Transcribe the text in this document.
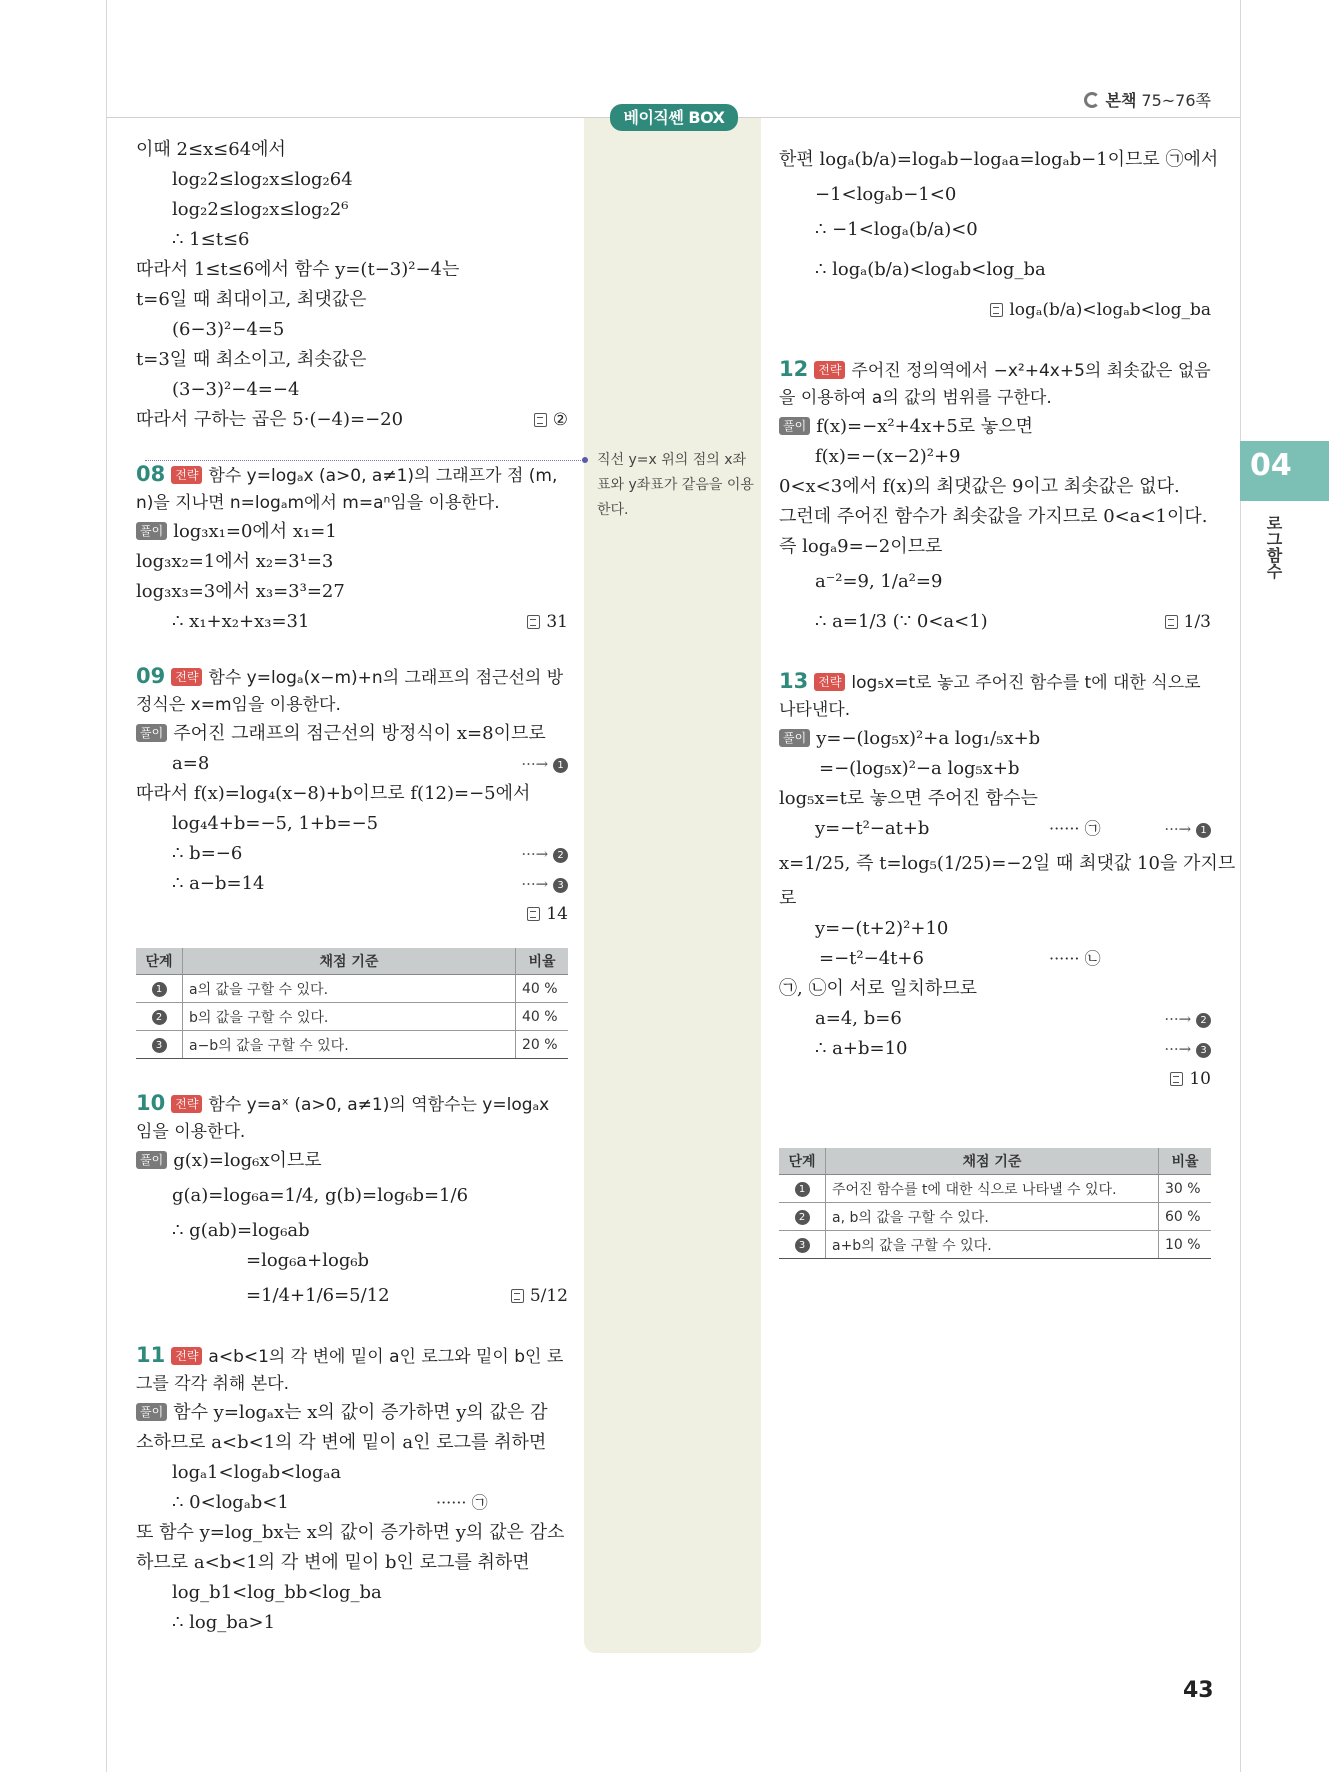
본책 75~76쪽
베이직쎈 BOX
직선 y=x 위의 점의 x좌표와 y좌표가 같음을 이용한다.
04
로그함수
이때 2≤x≤64에서
log₂2≤log₂x≤log₂64
log₂2≤log₂x≤log₂2⁶
∴ 1≤t≤6
따라서 1≤t≤6에서 함수 y=(t−3)²−4는
t=6일 때 최대이고, 최댓값은
(6−3)²−4=5
t=3일 때 최소이고, 최솟값은
(3−3)²−4=−4
따라서 구하는 곱은 5·(−4)=−20	②
08 전략 함수 y=logₐx (a>0, a≠1)의 그래프가 점 (m, n)을 지나면 n=logₐm에서 m=aⁿ임을 이용한다.
풀이 log₃x₁=0에서 x₁=1
log₃x₂=1에서 x₂=3¹=3
log₃x₃=3에서 x₃=3³=27
∴ x₁+x₂+x₃=31	31
09 전략 함수 y=logₐ(x−m)+n의 그래프의 점근선의 방정식은 x=m임을 이용한다.
풀이 주어진 그래프의 점근선의 방정식이 x=8이므로
a=8	···→ 1
따라서 f(x)=log₄(x−8)+b이므로 f(12)=−5에서
log₄4+b=−5, 1+b=−5
∴ b=−6	···→ 2
∴ a−b=14	···→ 3
14
단계	채점 기준	비율
1	a의 값을 구할 수 있다.	40 %
2	b의 값을 구할 수 있다.	40 %
3	a−b의 값을 구할 수 있다.	20 %
10 전략 함수 y=aˣ (a>0, a≠1)의 역함수는 y=logₐx 임을 이용한다.
풀이 g(x)=log₆x이므로
g(a)=log₆a=1/4, g(b)=log₆b=1/6
∴ g(ab)=log₆ab
=log₆a+log₆b
=1/4+1/6=5/12	5/12
11 전략 a<b<1의 각 변에 밑이 a인 로그와 밑이 b인 로그를 각각 취해 본다.
풀이 함수 y=logₐx는 x의 값이 증가하면 y의 값은 감
소하므로 a<b<1의 각 변에 밑이 a인 로그를 취하면
logₐ1<logₐb<logₐa
∴ 0<logₐb<1	······ ㉠
또 함수 y=log_bx는 x의 값이 증가하면 y의 값은 감소
하므로 a<b<1의 각 변에 밑이 b인 로그를 취하면
log_b1<log_bb<log_ba
∴ log_ba>1
한편 logₐ(b/a)=logₐb−logₐa=logₐb−1이므로 ㉠에서
−1<logₐb−1<0
∴ −1<logₐ(b/a)<0
∴ logₐ(b/a)<logₐb<log_ba
logₐ(b/a)<logₐb<log_ba
12 전략 주어진 정의역에서 −x²+4x+5의 최솟값은 없음을 이용하여 a의 값의 범위를 구한다.
풀이 f(x)=−x²+4x+5로 놓으면
f(x)=−(x−2)²+9
0<x<3에서 f(x)의 최댓값은 9이고 최솟값은 없다.
그런데 주어진 함수가 최솟값을 가지므로 0<a<1이다.
즉 logₐ9=−2이므로
a⁻²=9, 1/a²=9
∴ a=1/3 (∵ 0<a<1)	1/3
13 전략 log₅x=t로 놓고 주어진 함수를 t에 대한 식으로 나타낸다.
풀이 y=−(log₅x)²+a log₁/₅x+b
=−(log₅x)²−a log₅x+b
log₅x=t로 놓으면 주어진 함수는
y=−t²−at+b	······ ㉠	···→ 1
x=1/25, 즉 t=log₅(1/25)=−2일 때 최댓값 10을 가지므
로
y=−(t+2)²+10
=−t²−4t+6	······ ㉡
㉠, ㉡이 서로 일치하므로
a=4, b=6	···→ 2
∴ a+b=10	···→ 3
10
단계	채점 기준	비율
1	주어진 함수를 t에 대한 식으로 나타낼 수 있다.	30 %
2	a, b의 값을 구할 수 있다.	60 %
3	a+b의 값을 구할 수 있다.	10 %
43
